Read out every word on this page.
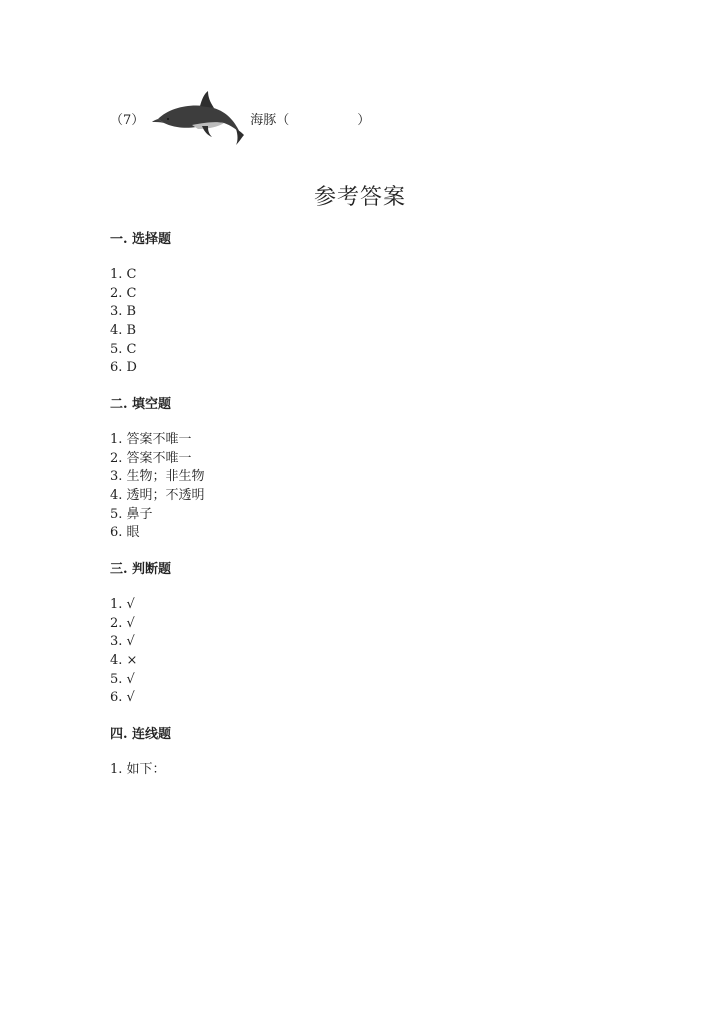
（7）	海豚（	）
参考答案
一. 选择题
1. C
2. C
3. B
4. B
5. C
6. D
二. 填空题
1. 答案不唯一
2. 答案不唯一
3. 生物；非生物
4. 透明；不透明
5. 鼻子
6. 眼
三. 判断题
1. √
2. √
3. √
4. ×
5. √
6. √
四. 连线题
1. 如下：
